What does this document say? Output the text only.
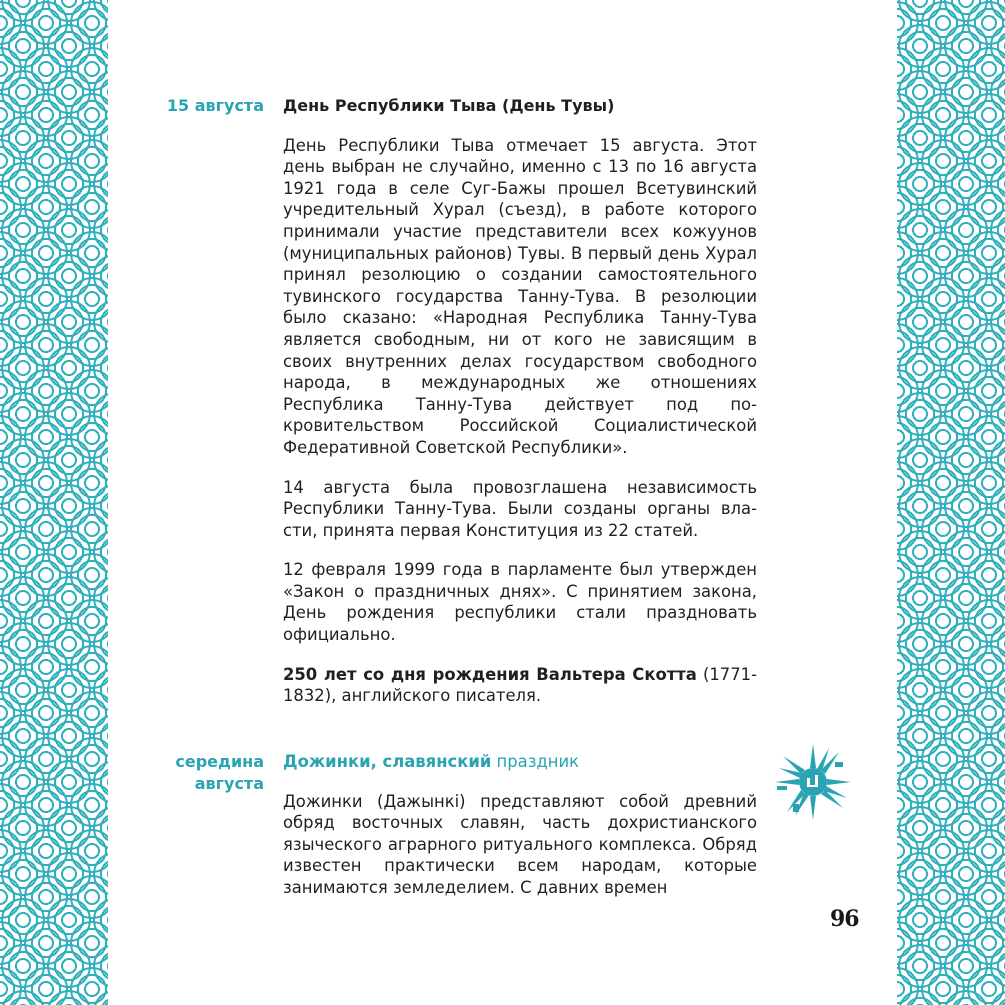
15 августа День Республики Тыва (День Тувы)

День Республики Тыва отмечает 15 августа. Этот день выбран не случайно, именно с 13 по 16 августа 1921 года в селе Суг-Бажы прошел Всетувинский учредительный Хурал (съезд), в работе которого принимали участие представители всех кожуунов (муниципальных районов) Тувы. В первый день Хурал принял резолюцию о создании самостоятельного тувинского государства Танну-Тува. В резолюции было сказано: «Народная Республика Танну-Тува является свободным, ни от кого не зависящим в своих внутренних делах государством свободного народа, в международных же отношениях Республика Танну-Тува действует под покровительством Российской Социалистической Федеративной Советской Республики».

14 августа была провозглашена независимость Республики Танну-Тува. Были созданы органы власти, принята первая Конституция из 22 статей.

12 февраля 1999 года в парламенте был утвержден «Закон о праздничных днях». С принятием закона, День рождения республики стали праздновать официально.

250 лет со дня рождения Вальтера Скотта (1771-1832), английского писателя.

середина
августа

Дожинки, славянский праздник

Дожинки (Дажынкі) представляют собой древний обряд восточных славян, часть дохристианского языческого аграрного ритуального комплекса. Обряд известен практически всем народам, которые занимаются земледелием. С давних времен

96
